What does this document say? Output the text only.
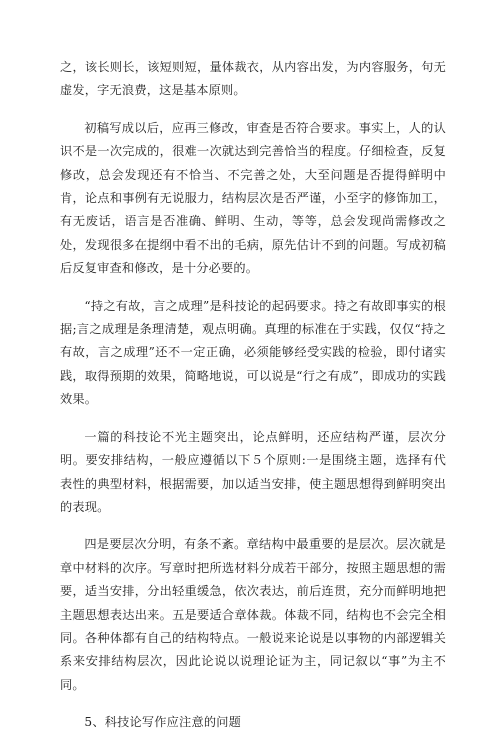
之，该长则长，该短则短，量体裁衣，从内容出发，为内容服务，句无虚发，字无浪费，这是基本原则。

初稿写成以后，应再三修改，审查是否符合要求。事实上，人的认识不是一次完成的，很难一次就达到完善恰当的程度。仔细检查，反复修改，总会发现还有不恰当、不完善之处，大至问题是否提得鲜明中肯，论点和事例有无说服力，结构层次是否严谨，小至字的修饰加工，有无废话，语言是否准确、鲜明、生动，等等，总会发现尚需修改之处，发现很多在提纲中看不出的毛病，原先估计不到的问题。写成初稿后反复审查和修改，是十分必要的。

“持之有故，言之成理”是科技论的起码要求。持之有故即事实的根据;言之成理是条理清楚，观点明确。真理的标准在于实践，仅仅“持之有故，言之成理”还不一定正确，必须能够经受实践的检验，即付诸实践，取得预期的效果，简略地说，可以说是“行之有成”，即成功的实践效果。

一篇的科技论不光主题突出，论点鲜明，还应结构严谨，层次分明。要安排结构，一般应遵循以下５个原则:一是围绕主题，选择有代表性的典型材料，根据需要，加以适当安排，使主题思想得到鲜明突出的表现。

四是要层次分明，有条不紊。章结构中最重要的是层次。层次就是章中材料的次序。写章时把所选材料分成若干部分，按照主题思想的需要，适当安排，分出轻重缓急，依次表达，前后连贯，充分而鲜明地把主题思想表达出来。五是要适合章体裁。体裁不同，结构也不会完全相同。各种体都有自己的结构特点。一般说来论说是以事物的内部逻辑关系来安排结构层次，因此论说以说理论证为主，同记叙以“事”为主不同。

5、科技论写作应注意的问题
